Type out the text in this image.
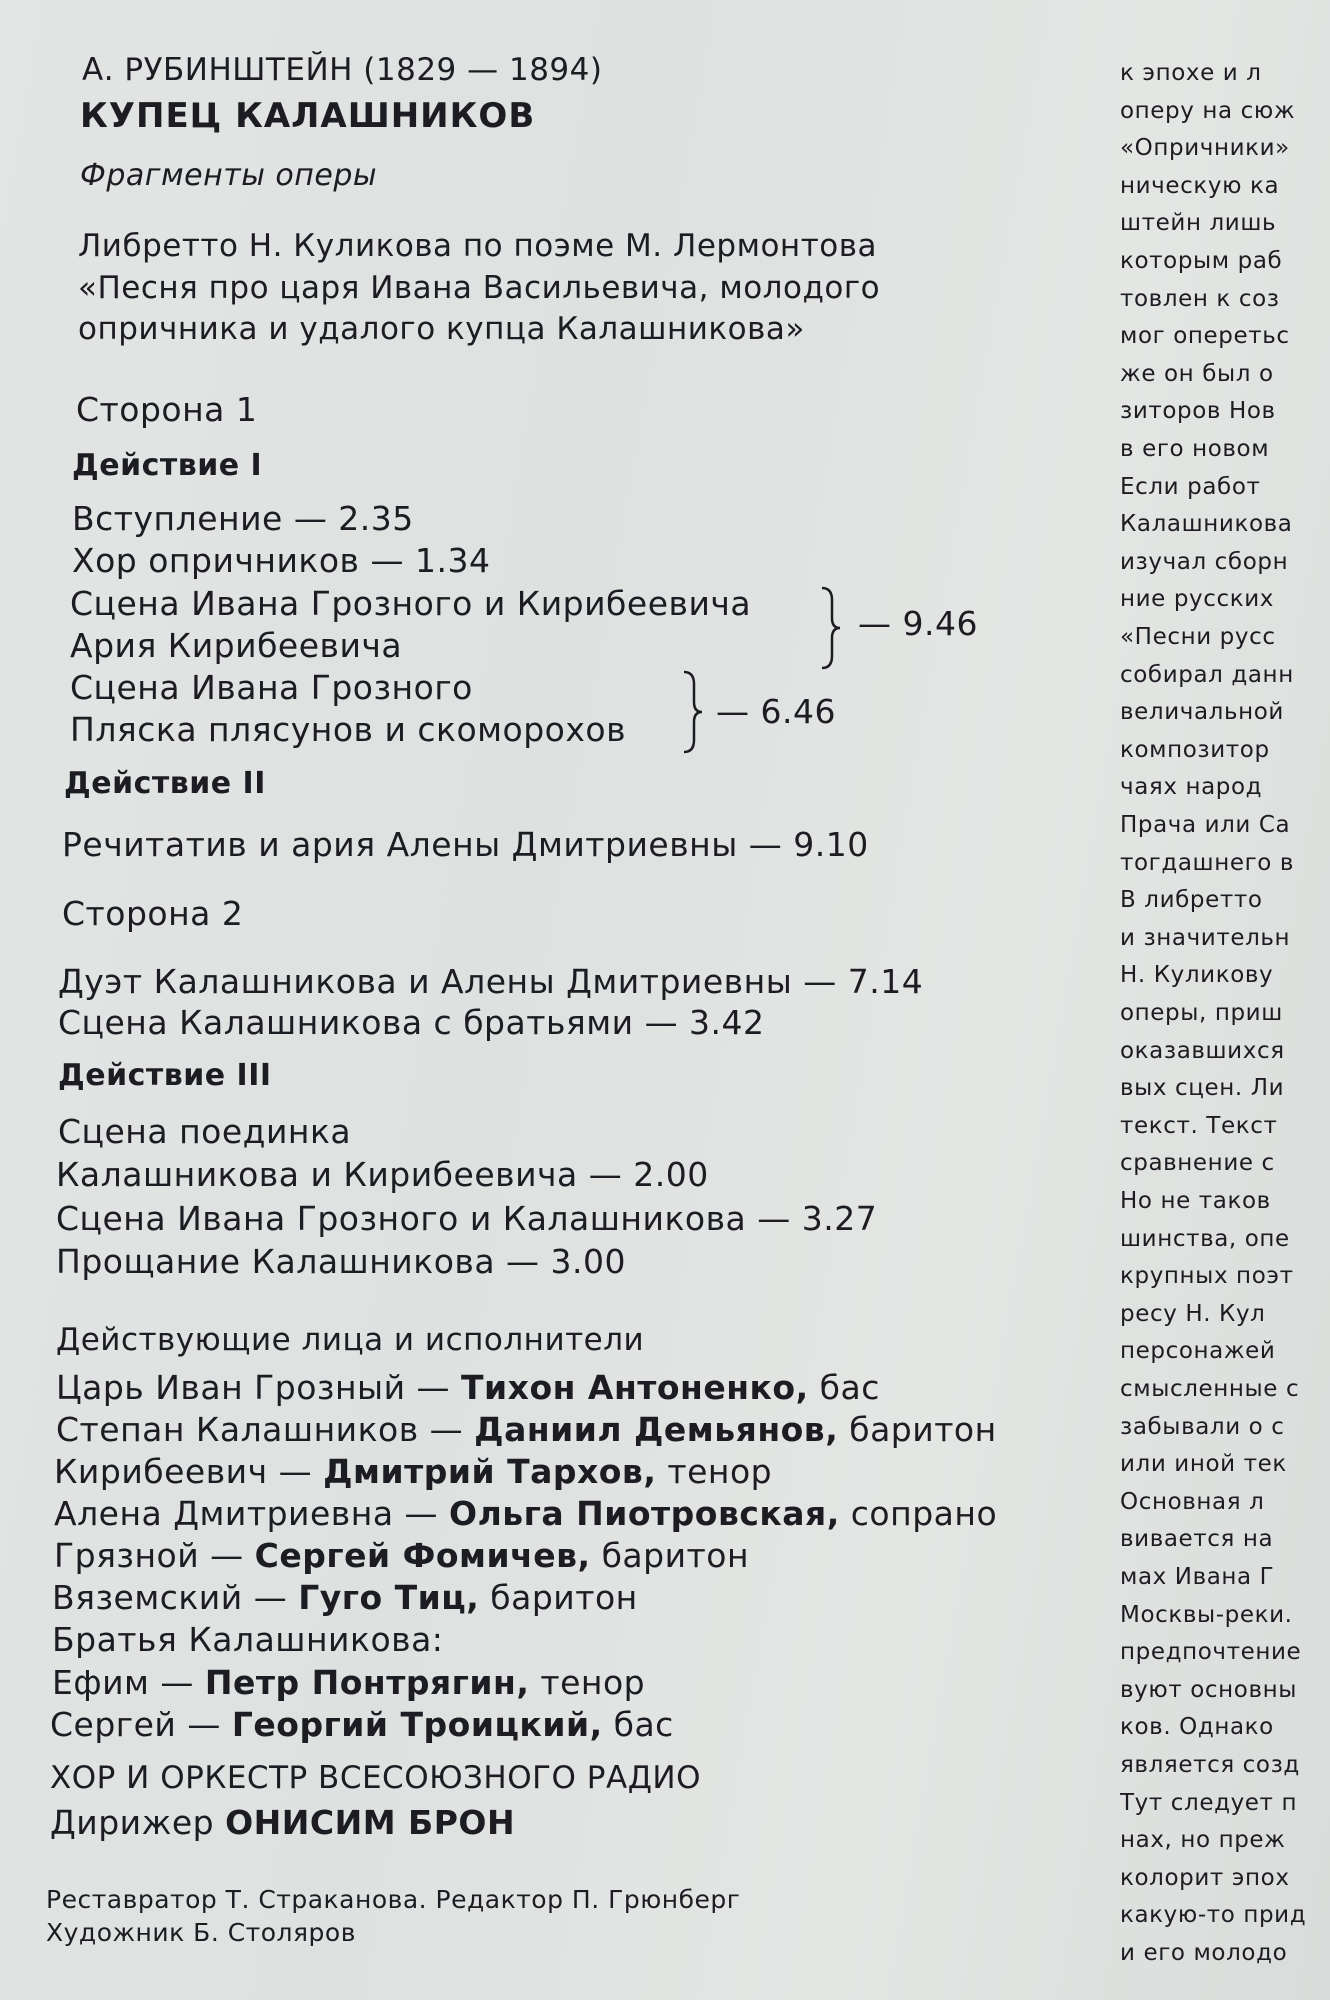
А. РУБИНШТЕЙН (1829 — 1894)
КУПЕЦ КАЛАШНИКОВ
Фрагменты оперы
Либретто Н. Куликова по поэме М. Лермонтова
«Песня про царя Ивана Васильевича, молодого
опричника и удалого купца Калашникова»
Сторона 1
Действие I
Вступление — 2.35
Хор опричников — 1.34
Сцена Ивана Грозного и Кирибеевича
Ария Кирибеевича
— 9.46
Сцена Ивана Грозного
Пляска плясунов и скоморохов	— 6.46
Действие II
Речитатив и ария Алены Дмитриевны — 9.10
Сторона 2
Дуэт Калашникова и Алены Дмитриевны — 7.14
Сцена Калашникова с братьями — 3.42
Действие III
Сцена поединка
Калашникова и Кирибеевича — 2.00
Сцена Ивана Грозного и Калашникова — 3.27
Прощание Калашникова — 3.00
Действующие лица и исполнители
Царь Иван Грозный — Тихон Антоненко, бас
Степан Калашников — Даниил Демьянов, баритон
Кирибеевич — Дмитрий Тархов, тенор
Алена Дмитриевна — Ольга Пиотровская, сопрано
Грязной — Сергей Фомичев, баритон
Вяземский — Гуго Тиц, баритон
Братья Калашникова:
Ефим — Петр Понтрягин, тенор
Сергей — Георгий Троицкий, бас
ХОР И ОРКЕСТР ВСЕСОЮЗНОГО РАДИО
Дирижер ОНИСИМ БРОН
Реставратор Т. Страканова. Редактор П. Грюнберг
Художник Б. Столяров
к эпохе и л
оперу на сюж
«Опричники»
ническую ка
штейн лишь
которым раб
товлен к соз
мог оперетьс
же он был о
зиторов Нов
в его новом
Если работ
Калашникова
изучал сборн
ние русских
«Песни русс
собирал данн
величальной
композитор
чаях народ
Прача или Са
тогдашнего в
В либретто
и значительн
Н. Куликову
оперы, приш
оказавшихся
вых сцен. Ли
текст. Текст
сравнение с
Но не таков
шинства, опе
крупных поэт
ресу Н. Кул
персонажей
смысленные с
забывали о с
или иной тек
Основная л
вивается на
мах Ивана Г
Москвы-реки.
предпочтение
вуют основны
ков. Однако
является созд
Тут следует п
нах, но преж
колорит эпох
какую-то прид
и его молодо
